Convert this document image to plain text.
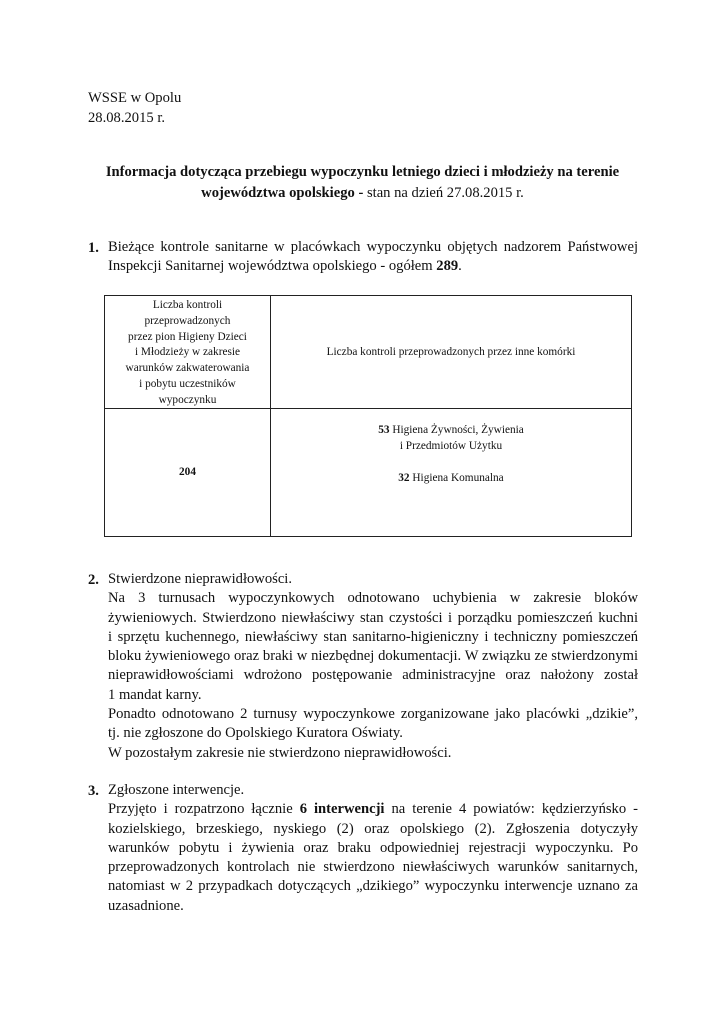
WSSE w Opolu
28.08.2015 r.
Informacja dotycząca przebiegu wypoczynku letniego dzieci i młodzieży na terenie
województwa opolskiego - stan na dzień 27.08.2015 r.
1. Bieżące kontrole sanitarne w placówkach wypoczynku objętych nadzorem Państwowej
Inspekcji Sanitarnej województwa opolskiego - ogółem 289.
Liczba kontroli
przeprowadzonych
przez pion Higieny Dzieci
i Młodzieży w zakresie
warunków zakwaterowania
i pobytu uczestników
wypoczynku
Liczba kontroli przeprowadzonych przez inne komórki
204
53 Higiena Żywności, Żywienia
i Przedmiotów Użytku
32 Higiena Komunalna
2. Stwierdzone nieprawidłowości.
Na 3 turnusach wypoczynkowych odnotowano uchybienia w zakresie bloków
żywieniowych. Stwierdzono niewłaściwy stan czystości i porządku pomieszczeń kuchni
i sprzętu kuchennego, niewłaściwy stan sanitarno-higieniczny i techniczny pomieszczeń
bloku żywieniowego oraz braki w niezbędnej dokumentacji. W związku ze stwierdzonymi
nieprawidłowościami wdrożono postępowanie administracyjne oraz nałożony został
1 mandat karny.
Ponadto odnotowano 2 turnusy wypoczynkowe zorganizowane jako placówki „dzikie”,
tj. nie zgłoszone do Opolskiego Kuratora Oświaty.
W pozostałym zakresie nie stwierdzono nieprawidłowości.
3. Zgłoszone interwencje.
Przyjęto i rozpatrzono łącznie 6 interwencji na terenie 4 powiatów: kędzierzyńsko -
kozielskiego, brzeskiego, nyskiego (2) oraz opolskiego (2). Zgłoszenia dotyczyły
warunków pobytu i żywienia oraz braku odpowiedniej rejestracji wypoczynku. Po
przeprowadzonych kontrolach nie stwierdzono niewłaściwych warunków sanitarnych,
natomiast w 2 przypadkach dotyczących „dzikiego” wypoczynku interwencje uznano za
uzasadnione.
